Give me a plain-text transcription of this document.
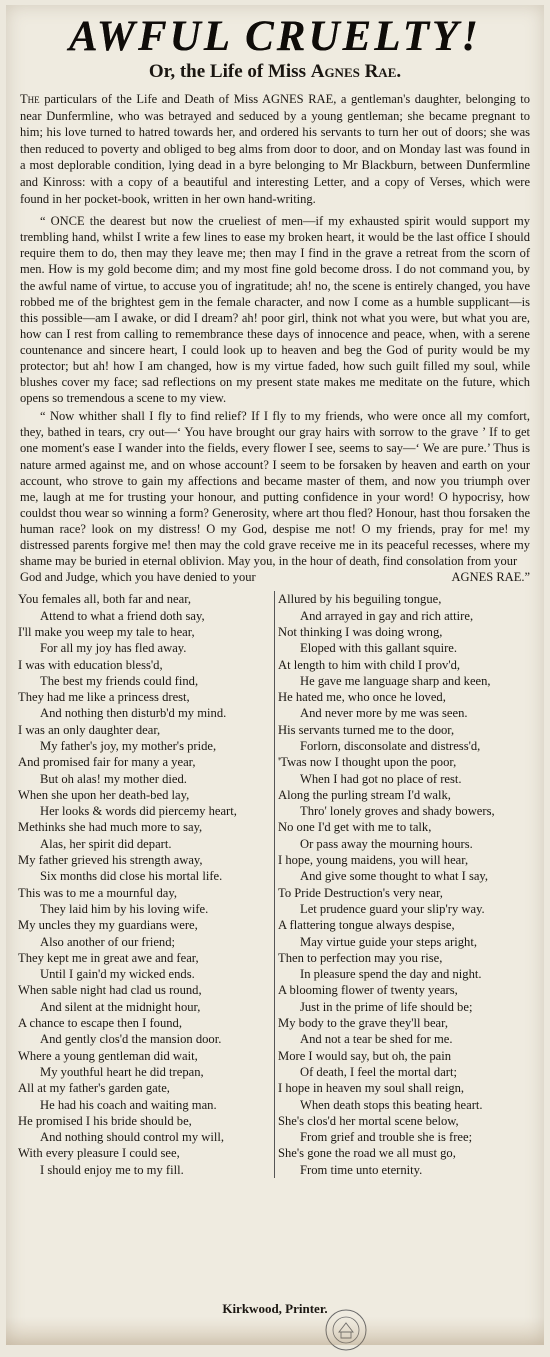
AWFUL CRUELTY!
Or, the Life of Miss Agnes Rae.
The particulars of the Life and Death of Miss AGNES RAE, a gentleman's daughter, belonging to near Dunfermline, who was betrayed and seduced by a young gentleman; she became pregnant to him; his love turned to hatred towards her, and ordered his servants to turn her out of doors; she was then reduced to poverty and obliged to beg alms from door to door, and on Monday last was found in a most deplorable condition, lying dead in a byre belonging to Mr Blackburn, between Dunfermline and Kinross: with a copy of a beautiful and interesting Letter, and a copy of Verses, which were found in her pocket-book, written in her own hand-writing.

“ ONCE the dearest but now the crueliest of men—if my exhausted spirit would support my trembling hand, whilst I write a few lines to ease my broken heart, it would be the last office I should require them to do, then may they leave me; then may I find in the grave a retreat from the scorn of men. How is my gold become dim; and my most fine gold become dross. I do not command you, by the awful name of virtue, to accuse you of ingratitude; ah! no, the scene is entirely changed, you have robbed me of the brightest gem in the female character, and now I come as a humble supplicant—is this possible—am I awake, or did I dream? ah! poor girl, think not what you were, but what you are, how can I rest from calling to remembrance these days of innocence and peace, when, with a serene countenance and sincere heart, I could look up to heaven and beg the God of purity would be my protector; but ah! how I am changed, how is my virtue faded, how such guilt filled my soul, while blushes cover my face; sad reflections on my present state makes me meditate on the future, which opens so tremendous a scene to my view.

“ Now whither shall I fly to find relief? If I fly to my friends, who were once all my comfort, they, bathed in tears, cry out—‘ You have brought our gray hairs with sorrow to the grave ’ If to get one moment's ease I wander into the fields, every flower I see, seems to say—‘ We are pure.’ Thus is nature armed against me, and on whose account? I seem to be forsaken by heaven and earth on your account, who strove to gain my affections and became master of them, and now you triumph over me, laugh at me for trusting your honour, and putting confidence in your word! O hypocrisy, how couldst thou wear so winning a form? Generosity, where art thou fled? Honour, hast thou forsaken the human race? look on my distress! O my God, despise me not! O my friends, pray for me! my distressed parents forgive me! then may the cold grave receive me in its peaceful recesses, where my shame may be buried in eternal oblivion. May you, in the hour of death, find consolation from your

God and Judge, which you have denied to your	AGNES RAE.”
You females all, both far and near,
Attend to what a friend doth say,
I'll make you weep my tale to hear,
For all my joy has fled away.
I was with education bless'd,
The best my friends could find,
They had me like a princess drest,
And nothing then disturb'd my mind.
I was an only daughter dear,
My father's joy, my mother's pride,
And promised fair for many a year,
But oh alas! my mother died.
When she upon her death-bed lay,
Her looks & words did piercemy heart,
Methinks she had much more to say,
Alas, her spirit did depart.
My father grieved his strength away,
Six months did close his mortal life.
This was to me a mournful day,
They laid him by his loving wife.
My uncles they my guardians were,
Also another of our friend;
They kept me in great awe and fear,
Until I gain'd my wicked ends.
When sable night had clad us round,
And silent at the midnight hour,
A chance to escape then I found,
And gently clos'd the mansion door.
Where a young gentleman did wait,
My youthful heart he did trepan,
All at my father's garden gate,
He had his coach and waiting man.
He promised I his bride should be,
And nothing should control my will,
With every pleasure I could see,
I should enjoy me to my fill.
Allured by his beguiling tongue,
And arrayed in gay and rich attire,
Not thinking I was doing wrong,
Eloped with this gallant squire.
At length to him with child I prov'd,
He gave me language sharp and keen,
He hated me, who once he loved,
And never more by me was seen.
His servants turned me to the door,
Forlorn, disconsolate and distress'd,
'Twas now I thought upon the poor,
When I had got no place of rest.
Along the purling stream I'd walk,
Thro' lonely groves and shady bowers,
No one I'd get with me to talk,
Or pass away the mourning hours.
I hope, young maidens, you will hear,
And give some thought to what I say,
To Pride Destruction's very near,
Let prudence guard your slip'ry way.
A flattering tongue always despise,
May virtue guide your steps aright,
Then to perfection may you rise,
In pleasure spend the day and night.
A blooming flower of twenty years,
Just in the prime of life should be;
My body to the grave they'll bear,
And not a tear be shed for me.
More I would say, but oh, the pain
Of death, I feel the mortal dart;
I hope in heaven my soul shall reign,
When death stops this beating heart.
She's clos'd her mortal scene below,
From grief and trouble she is free;
She's gone the road we all must go,
From time unto eternity.
Kirkwood, Printer.
